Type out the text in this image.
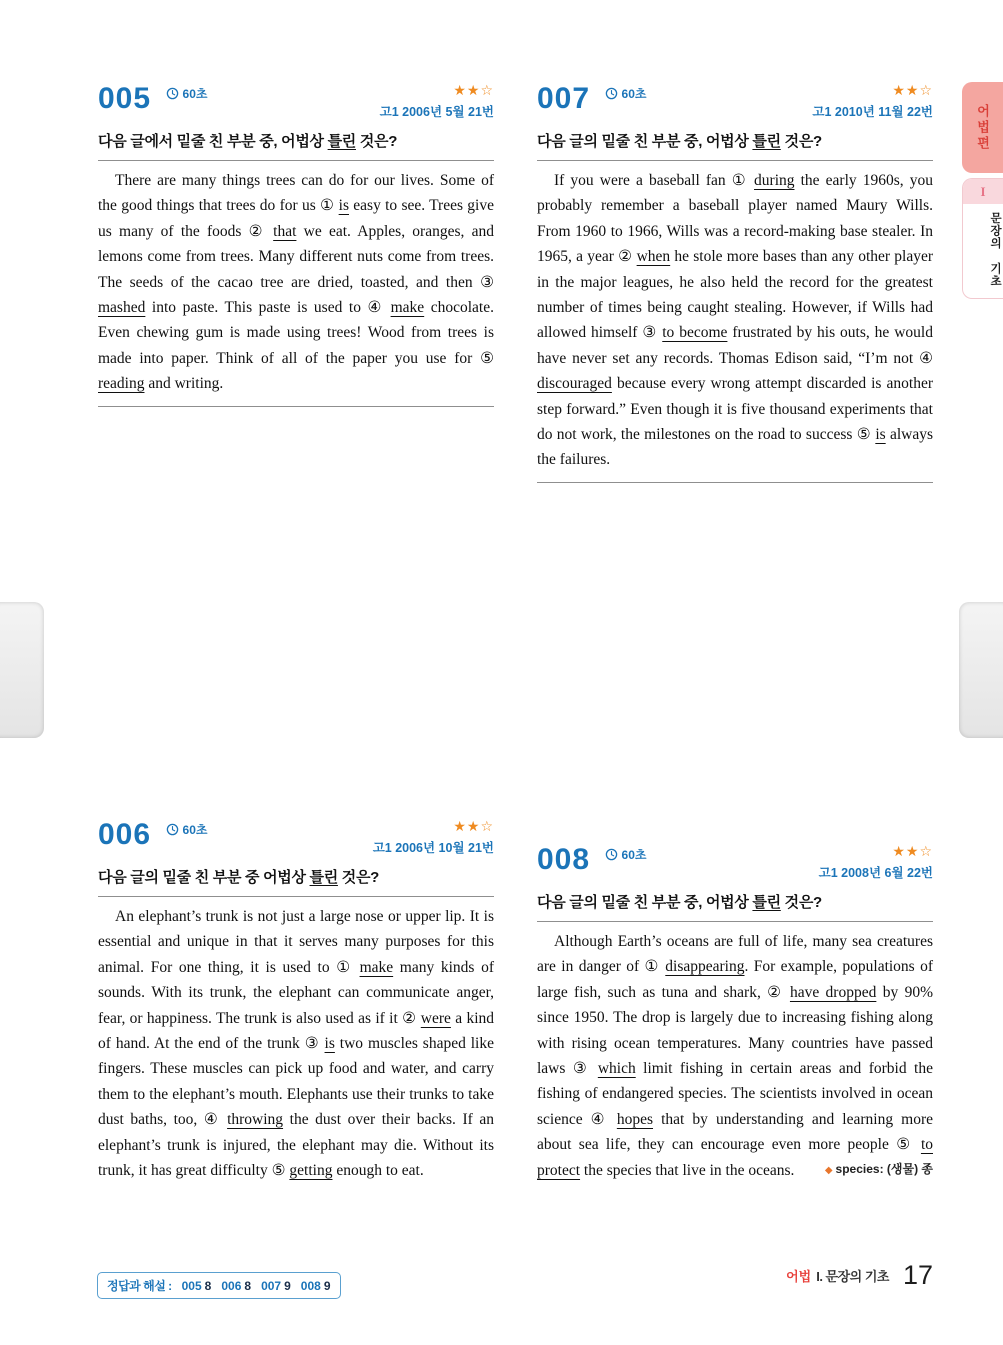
어법편
I
문장의 기초
005	60초	★★☆
고1 2006년 5월 21번
다음 글에서 밑줄 친 부분 중, 어법상 틀린 것은?
There are many things trees can do for our lives. Some of the good things that trees do for us ① is easy to see. Trees give us many of the foods ② that we eat. Apples, oranges, and lemons come from trees. Many different nuts come from trees. The seeds of the cacao tree are dried, toasted, and then ③ mashed into paste. This paste is used to ④ make chocolate. Even chewing gum is made using trees! Wood from trees is made into paper. Think of all of the paper you use for ⑤ reading and writing.
007	60초	★★☆
고1 2010년 11월 22번
다음 글의 밑줄 친 부분 중, 어법상 틀린 것은?
If you were a baseball fan ① during the early 1960s, you probably remember a baseball player named Maury Wills. From 1960 to 1966, Wills was a record-making base stealer. In 1965, a year ② when he stole more bases than any other player in the major leagues, he also held the record for the greatest number of times being caught stealing. However, if Wills had allowed himself ③ to become frustrated by his outs, he would have never set any records. Thomas Edison said, “I’m not ④ discouraged because every wrong attempt discarded is another step forward.” Even though it is five thousand experiments that do not work, the milestones on the road to success ⑤ is always the failures.
006	60초	★★☆
고1 2006년 10월 21번
다음 글의 밑줄 친 부분 중 어법상 틀린 것은?
An elephant’s trunk is not just a large nose or upper lip. It is essential and unique in that it serves many purposes for this animal. For one thing, it is used to ① make many kinds of sounds. With its trunk, the elephant can communicate anger, fear, or happiness. The trunk is also used as if it ② were a kind of hand. At the end of the trunk ③ is two muscles shaped like fingers. These muscles can pick up food and water, and carry them to the elephant’s mouth. Elephants use their trunks to take dust baths, too, ④ throwing the dust over their backs. If an elephant’s trunk is injured, the elephant may die. Without its trunk, it has great difficulty ⑤ getting enough to eat.
008	60초	★★☆
고1 2008년 6월 22번
다음 글의 밑줄 친 부분 중, 어법상 틀린 것은?
Although Earth’s oceans are full of life, many sea creatures are in danger of ① disappearing. For example, populations of large fish, such as tuna and shark, ② have dropped by 90% since 1950. The drop is largely due to increasing fishing along with rising ocean temperatures. Many countries have passed laws ③ which limit fishing in certain areas and forbid the fishing of endangered species. The scientists involved in ocean science ④ hopes that by understanding and learning more about sea life, they can encourage even more people ⑤ to protect the species that live in the oceans.	◆ species: (생물) 종
정답과 해설 : 005 8 006 8 007 9 008 9
어법 I. 문장의 기초 17
